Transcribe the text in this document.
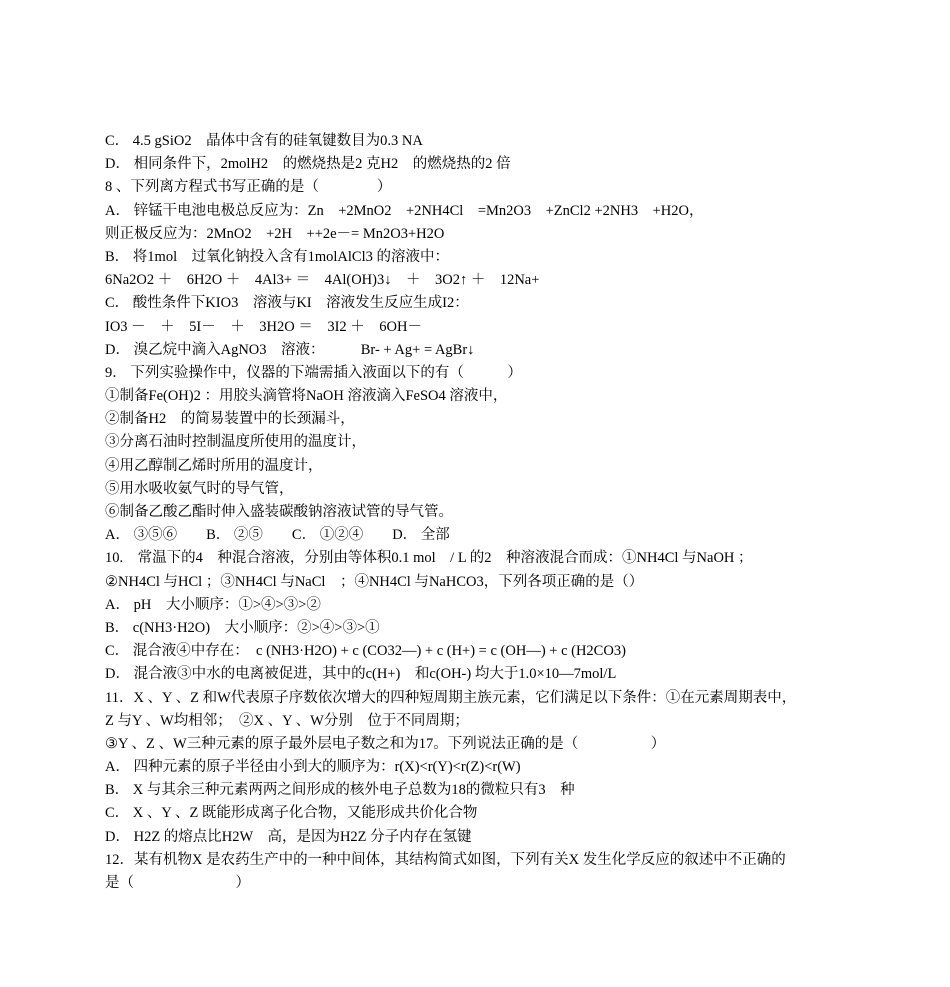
C． 4.5 gSiO2　晶体中含有的硅氧键数目为0.3 NA
D． 相同条件下，2molH2　的燃烧热是2 克H2　的燃烧热的2 倍
8 、下列离方程式书写正确的是（　　　　）
A． 锌锰干电池电极总反应为：Zn　+2MnO2　+2NH4Cl　=Mn2O3　+ZnCl2 +2NH3　+H2O，
则正极反应为：2MnO2　+2H　++2e－= Mn2O3+H2O
B． 将1mol　过氧化钠投入含有1molAlCl3 的溶液中：
6Na2O2 ＋　6H2O ＋　4Al3+ ＝　4Al(OH)3↓　＋　3O2↑ ＋　12Na+
C． 酸性条件下KIO3　溶液与KI　溶液发生反应生成I2：
IO3 －　＋　5I－　＋　3H2O ＝　3I2 ＋　6OH－
D． 溴乙烷中滴入AgNO3　溶液：　　　Br- + Ag+ = AgBr↓
9． 下列实验操作中，仪器的下端需插入液面以下的有（　　　）
①制备Fe(OH)2 ：用胶头滴管将NaOH 溶液滴入FeSO4 溶液中，
②制备H2　的简易装置中的长颈漏斗，
③分离石油时控制温度所使用的温度计，
④用乙醇制乙烯时所用的温度计，
⑤用水吸收氨气时的导气管，
⑥制备乙酸乙酯时伸入盛装碳酸钠溶液试管的导气管。
A． ③⑤⑥　　B． ②⑤　　C． ①②④　　D． 全部
10.　常温下的4　种混合溶液，分别由等体积0.1 mol　/ L 的2　种溶液混合而成：①NH4Cl 与NaOH ；
②NH4Cl 与HCl ；③NH4Cl 与NaCl　；④NH4Cl 与NaHCO3，下列各项正确的是（）
A． pH　大小顺序：①>④>③>②
B． c(NH3·H2O)　大小顺序：②>④>③>①
C． 混合液④中存在：　c (NH3·H2O) + c (CO32—) + c (H+) = c (OH—) + c (H2CO3)
D． 混合液③中水的电离被促进，其中的c(H+)　和c(OH-) 均大于1.0×10—7mol/L
11．X 、Y 、Z 和W代表原子序数依次增大的四种短周期主族元素，它们满足以下条件：①在元素周期表中，
Z 与Y 、W均相邻；　②X 、Y 、W分别　位于不同周期；
③Y 、Z 、W三种元素的原子最外层电子数之和为17。下列说法正确的是（　　　　　）
A． 四种元素的原子半径由小到大的顺序为：r(X)<r(Y)<r(Z)<r(W)
B． X 与其余三种元素两两之间形成的核外电子总数为18的微粒只有3　种
C． X 、Y 、Z 既能形成离子化合物，又能形成共价化合物
D． H2Z 的熔点比H2W　高，是因为H2Z 分子内存在氢键
12．某有机物X 是农药生产中的一种中间体，其结构简式如图，下列有关X 发生化学反应的叙述中不正确的
是（　　　　　　　）
